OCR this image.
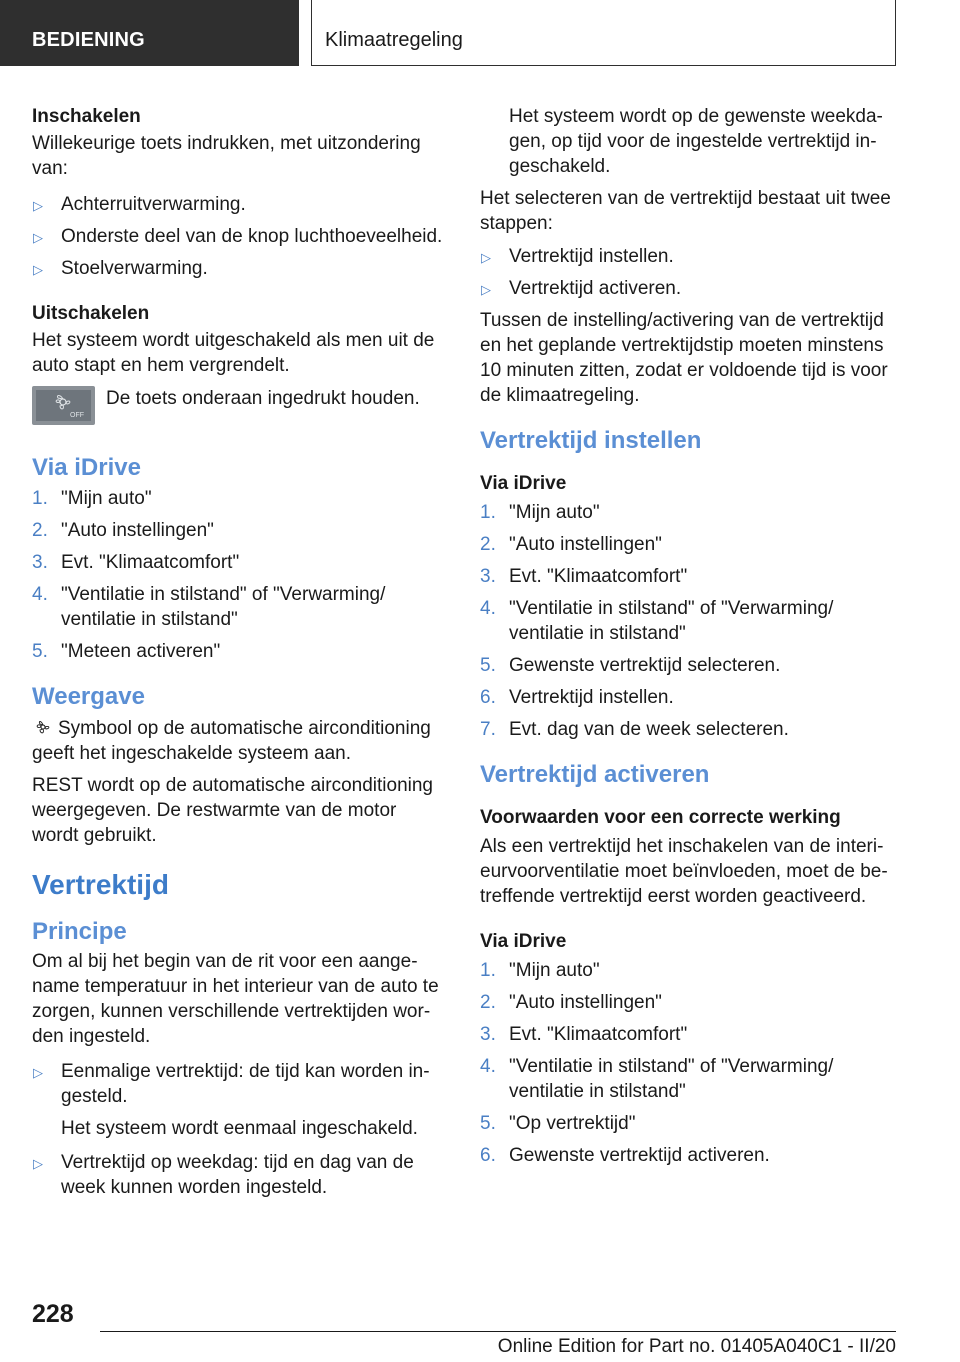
BEDIENING	Klimaatregeling

Inschakelen

Willekeurige toets indrukken, met uitzondering van:

▷ Achterruitverwarming.
▷ Onderste deel van de knop luchthoeveelheid.
▷ Stoelverwarming.

Uitschakelen

Het systeem wordt uitgeschakeld als men uit de auto stapt en hem vergrendelt.

OFF
De toets onderaan ingedrukt houden.

Via iDrive

1. "Mijn auto"
2. "Auto instellingen"
3. Evt. "Klimaatcomfort"
4. "Ventilatie in stilstand" of "Verwarming/ ventilatie in stilstand"
5. "Meteen activeren"

Weergave

Symbool op de automatische airconditioning geeft het ingeschakelde systeem aan.

REST wordt op de automatische airconditioning weergegeven. De restwarmte van de motor wordt gebruikt.

Vertrektijd

Principe

Om al bij het begin van de rit voor een aangename temperatuur in het interieur van de auto te zorgen, kunnen verschillende vertrektijden worden ingesteld.

▷ Eenmalige vertrektijd: de tijd kan worden ingesteld.

Het systeem wordt eenmaal ingeschakeld.

▷ Vertrektijd op weekdag: tijd en dag van de week kunnen worden ingesteld.

Het systeem wordt op de gewenste weekdagen, op tijd voor de ingestelde vertrektijd ingeschakeld.

Het selecteren van de vertrektijd bestaat uit twee stappen:

▷ Vertrektijd instellen.
▷ Vertrektijd activeren.

Tussen de instelling/activering van de vertrektijd en het geplande vertrektijdstip moeten minstens 10 minuten zitten, zodat er voldoende tijd is voor de klimaatregeling.

Vertrektijd instellen

Via iDrive

1. "Mijn auto"
2. "Auto instellingen"
3. Evt. "Klimaatcomfort"
4. "Ventilatie in stilstand" of "Verwarming/ ventilatie in stilstand"
5. Gewenste vertrektijd selecteren.
6. Vertrektijd instellen.
7. Evt. dag van de week selecteren.

Vertrektijd activeren

Voorwaarden voor een correcte werking

Als een vertrektijd het inschakelen van de interieurvoorventilatie moet beïnvloeden, moet de betreffende vertrektijd eerst worden geactiveerd.

Via iDrive

1. "Mijn auto"
2. "Auto instellingen"
3. Evt. "Klimaatcomfort"
4. "Ventilatie in stilstand" of "Verwarming/ ventilatie in stilstand"
5. "Op vertrektijd"
6. Gewenste vertrektijd activeren.
228
Online Edition for Part no. 01405A040C1 - II/20
